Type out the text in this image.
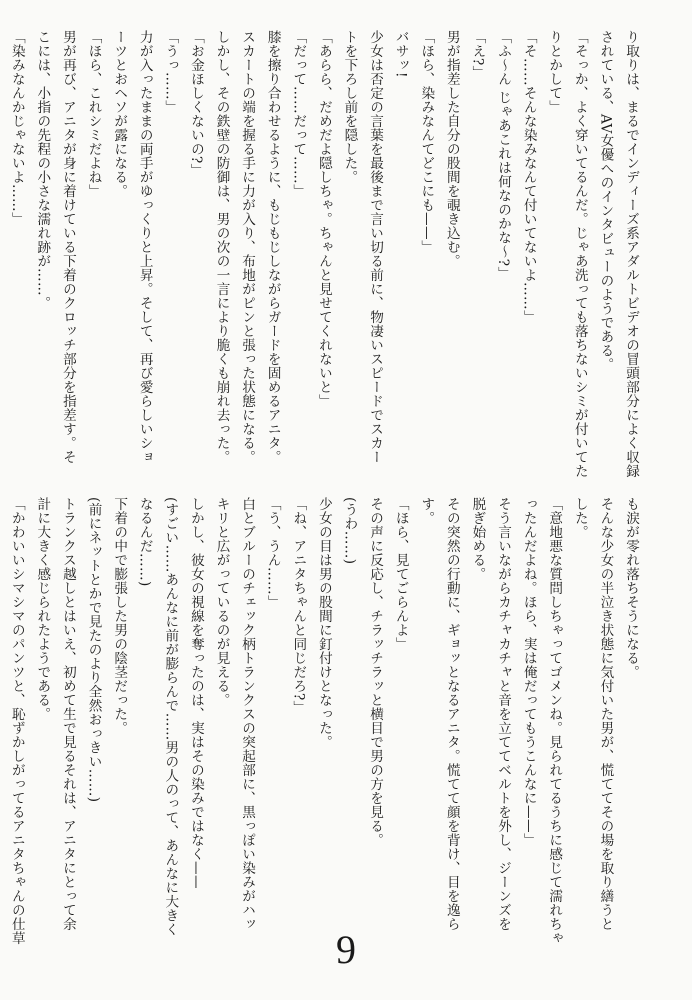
り取りは、まるでインディーズ系アダルトビデオの冒頭部分によく収録
されている、AV女優へのインタビューのようである。
「そっか、よく穿いてるんだ。じゃあ洗っても落ちないシミが付いてた
りとかして」
「そ……そんな染みなんて付いてないよ……」
「ふ〜ん じゃあこれは何なのかな〜?」
「え?」
男が指差した自分の股間を覗き込む。
「ほら、染みなんてどこにも——」
バサッ!
少女は否定の言葉を最後まで言い切る前に、物凄いスピードでスカー
トを下ろし前を隠した。
「あらら、だめだよ隠しちゃ。ちゃんと見せてくれないと」
「だって……だって……」
膝を擦り合わせるように、もじもじしながらガードを固めるアニタ。
スカートの端を握る手に力が入り、布地がピンと張った状態になる。
しかし、その鉄壁の防御は、男の次の一言により脆くも崩れ去った。
「お金ほしくないの?」
「うっ……」
力が入ったままの両手がゆっくりと上昇。そして、再び愛らしいショ
ーツとおヘソが露になる。
「ほら、これシミだよね」
男が再び、アニタが身に着けている下着のクロッチ部分を指差す。そ
こには、小指の先程の小さな濡れ跡が……。
「染みなんかじゃないよ……」
も涙が零れ落ちそうになる。
そんな少女の半泣き状態に気付いた男が、慌ててその場を取り繕うと
した。
「意地悪な質問しちゃってゴメンね。見られてるうちに感じて濡れちゃ
ったんだよね。ほら、実は俺だってもうこんなに——」
そう言いながらカチャカチャと音を立ててベルトを外し、ジーンズを
脱ぎ始める。
その突然の行動に、ギョッとなるアニタ。慌てて顔を背け、目を逸ら
す。
「ほら、見てごらんよ」
その声に反応し、チラッチラッと横目で男の方を見る。
(うわ……)
少女の目は男の股間に釘付けとなった。
「ね、アニタちゃんと同じだろ?」
「う、うん……」
白とブルーのチェック柄トランクスの突起部に、黒っぽい染みがハッ
キリと広がっているのが見える。
しかし、彼女の視線を奪ったのは、実はその染みではなく——
(すごい……あんなに前が膨らんで……男の人のって、あんなに大きく
なるんだ……)
下着の中で膨張した男の陰茎だった。
(前にネットとかで見たのより全然おっきい……)
トランクス越しとはいえ、初めて生で見るそれは、アニタにとって余
計に大きく感じられたようである。
「かわいいシマシマのパンツと、恥ずかしがってるアニタちゃんの仕草
9
